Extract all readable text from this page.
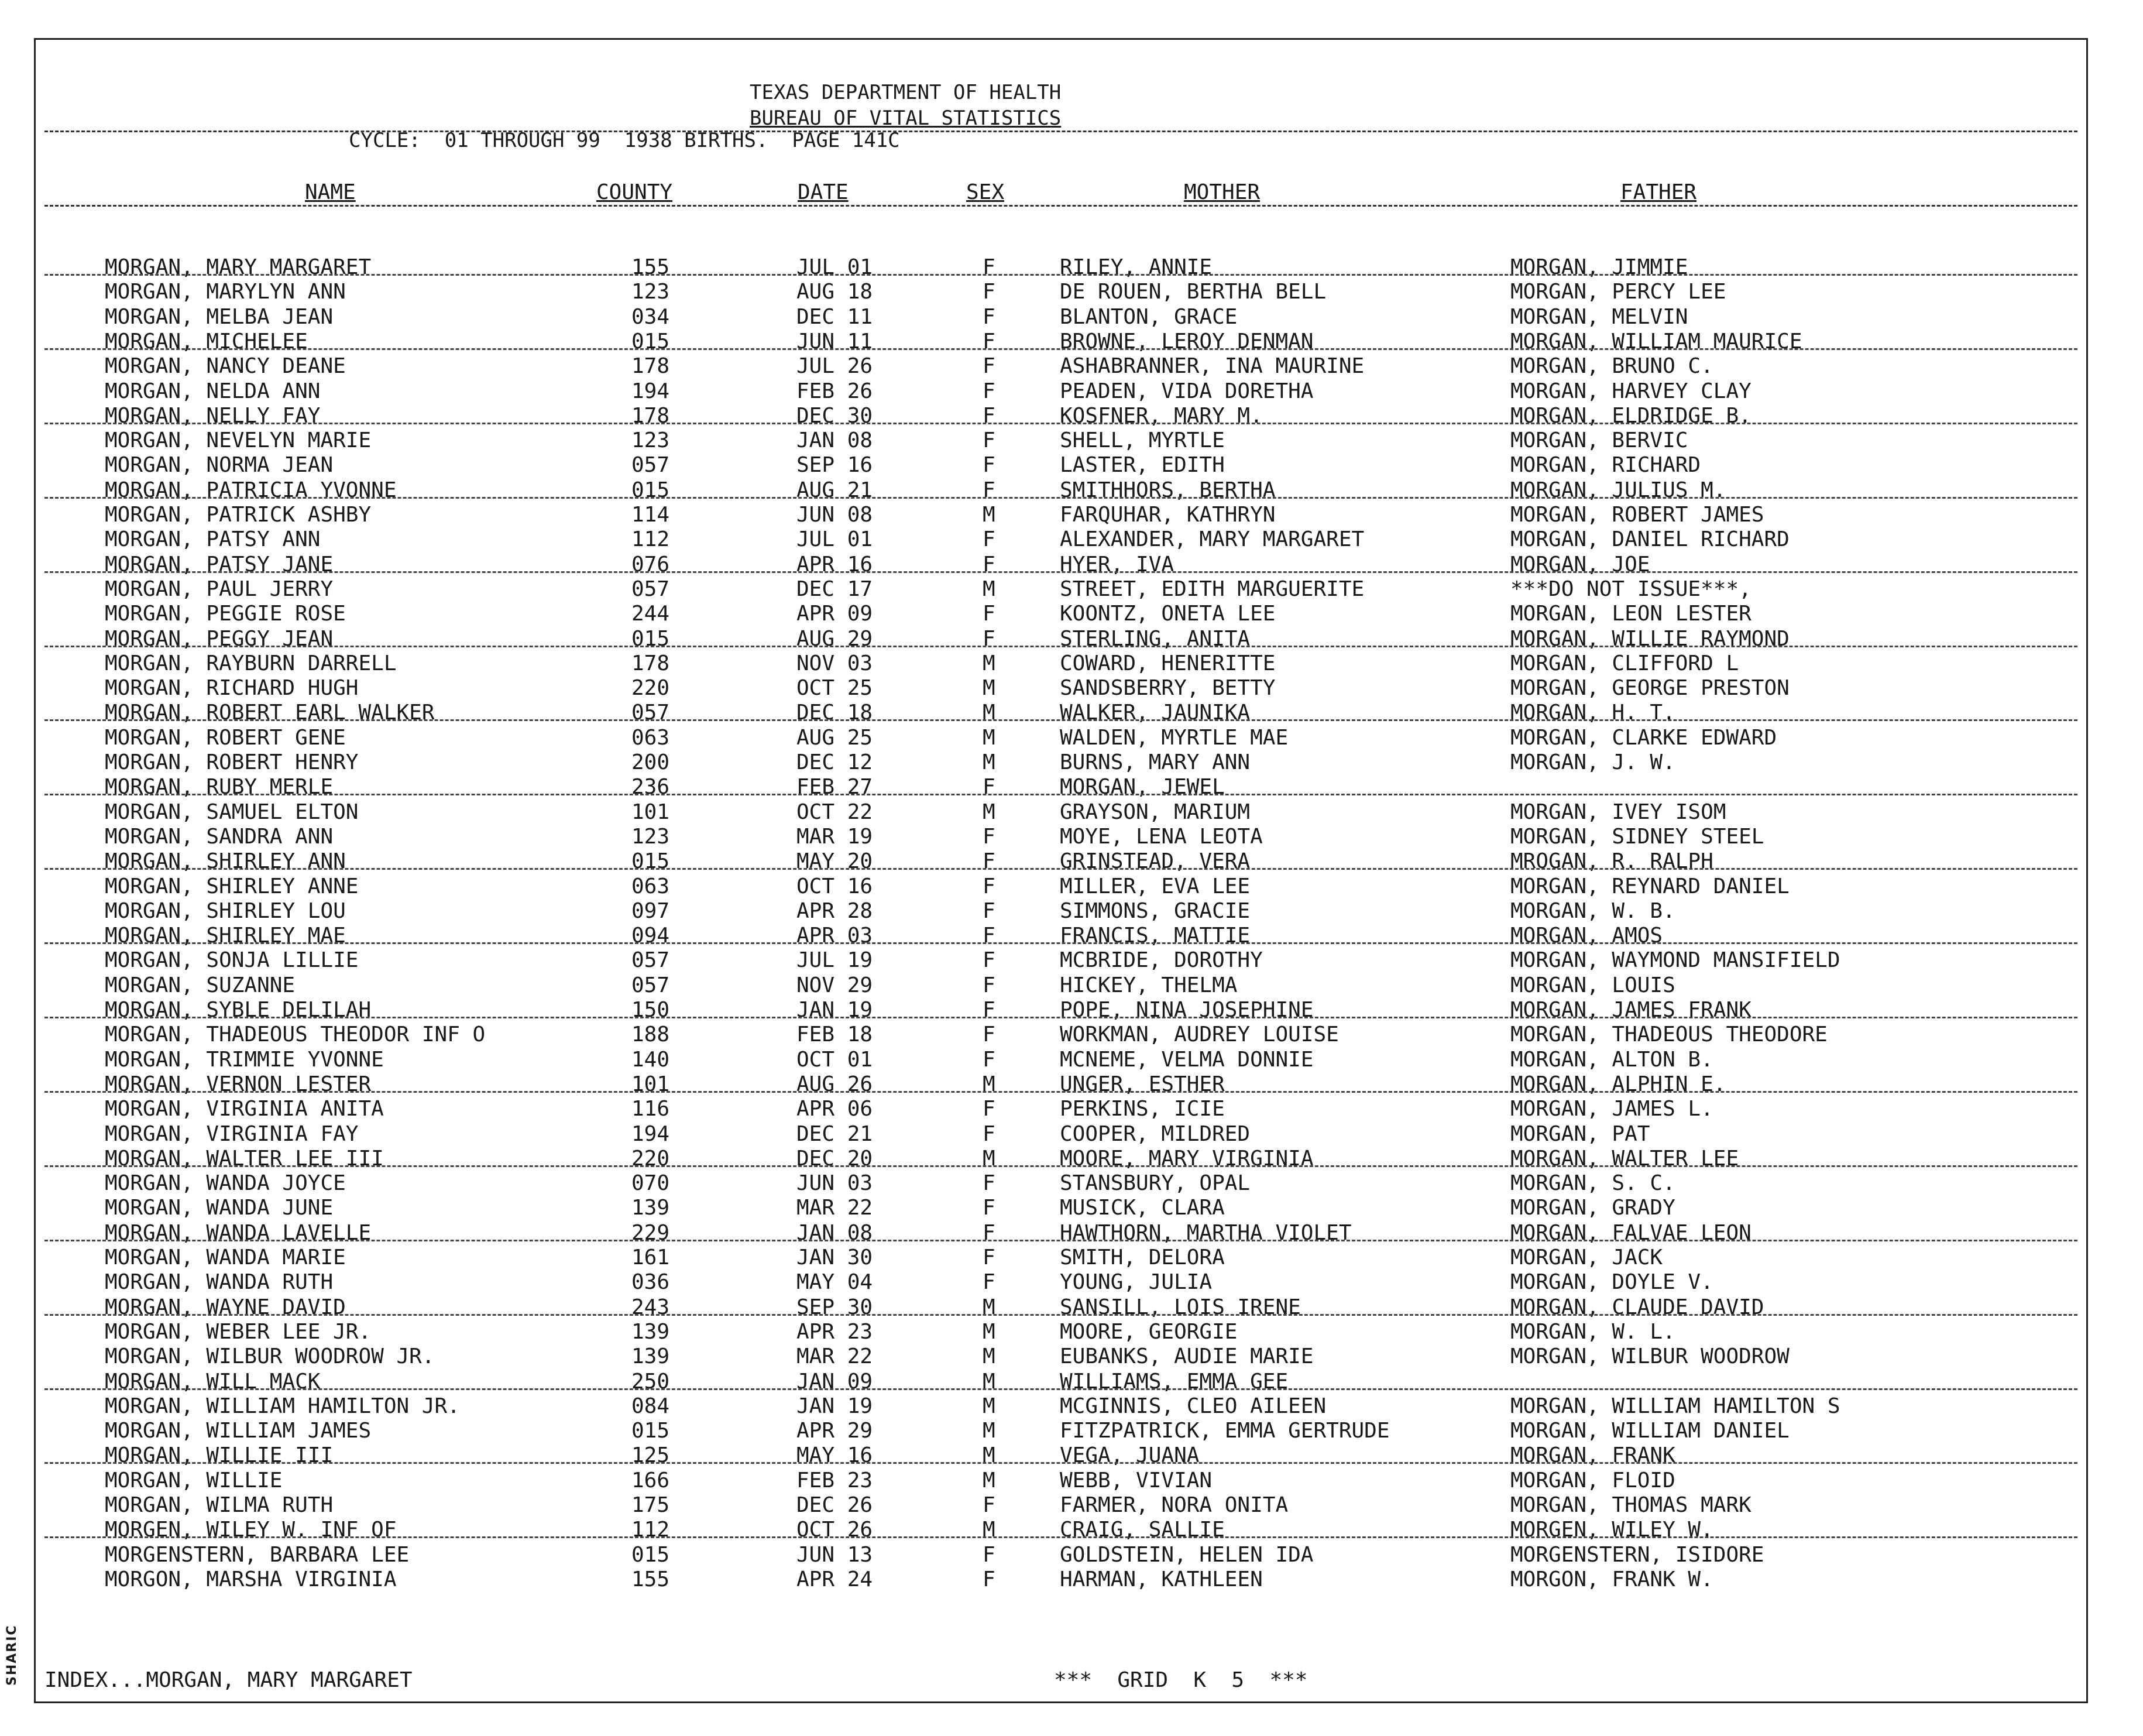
SHARIC
TEXAS DEPARTMENT OF HEALTH
BUREAU OF VITAL STATISTICS
CYCLE:  01 THROUGH 99  1938 BIRTHS.  PAGE 141C
NAME	COUNTY	DATE	SEX	MOTHER	FATHER
MORGAN, MARY MARGARET	155	JUL 01	F	RILEY, ANNIE	MORGAN, JIMMIE
MORGAN, MARYLYN ANN	123	AUG 18	F	DE ROUEN, BERTHA BELL	MORGAN, PERCY LEE
MORGAN, MELBA JEAN	034	DEC 11	F	BLANTON, GRACE	MORGAN, MELVIN
MORGAN, MICHELEE	015	JUN 11	F	BROWNE, LEROY DENMAN	MORGAN, WILLIAM MAURICE
MORGAN, NANCY DEANE	178	JUL 26	F	ASHABRANNER, INA MAURINE	MORGAN, BRUNO C.
MORGAN, NELDA ANN	194	FEB 26	F	PEADEN, VIDA DORETHA	MORGAN, HARVEY CLAY
MORGAN, NELLY FAY	178	DEC 30	F	KOSFNER, MARY M.	MORGAN, ELDRIDGE B.
MORGAN, NEVELYN MARIE	123	JAN 08	F	SHELL, MYRTLE	MORGAN, BERVIC
MORGAN, NORMA JEAN	057	SEP 16	F	LASTER, EDITH	MORGAN, RICHARD
MORGAN, PATRICIA YVONNE	015	AUG 21	F	SMITHHORS, BERTHA	MORGAN, JULIUS M.
MORGAN, PATRICK ASHBY	114	JUN 08	M	FARQUHAR, KATHRYN	MORGAN, ROBERT JAMES
MORGAN, PATSY ANN	112	JUL 01	F	ALEXANDER, MARY MARGARET	MORGAN, DANIEL RICHARD
MORGAN, PATSY JANE	076	APR 16	F	HYER, IVA	MORGAN, JOE
MORGAN, PAUL JERRY	057	DEC 17	M	STREET, EDITH MARGUERITE	***DO NOT ISSUE***,
MORGAN, PEGGIE ROSE	244	APR 09	F	KOONTZ, ONETA LEE	MORGAN, LEON LESTER
MORGAN, PEGGY JEAN	015	AUG 29	F	STERLING, ANITA	MORGAN, WILLIE RAYMOND
MORGAN, RAYBURN DARRELL	178	NOV 03	M	COWARD, HENERITTE	MORGAN, CLIFFORD L
MORGAN, RICHARD HUGH	220	OCT 25	M	SANDSBERRY, BETTY	MORGAN, GEORGE PRESTON
MORGAN, ROBERT EARL WALKER	057	DEC 18	M	WALKER, JAUNIKA	MORGAN, H. T.
MORGAN, ROBERT GENE	063	AUG 25	M	WALDEN, MYRTLE MAE	MORGAN, CLARKE EDWARD
MORGAN, ROBERT HENRY	200	DEC 12	M	BURNS, MARY ANN	MORGAN, J. W.
MORGAN, RUBY MERLE	236	FEB 27	F	MORGAN, JEWEL
MORGAN, SAMUEL ELTON	101	OCT 22	M	GRAYSON, MARIUM	MORGAN, IVEY ISOM
MORGAN, SANDRA ANN	123	MAR 19	F	MOYE, LENA LEOTA	MORGAN, SIDNEY STEEL
MORGAN, SHIRLEY ANN	015	MAY 20	F	GRINSTEAD, VERA	MROGAN, R. RALPH
MORGAN, SHIRLEY ANNE	063	OCT 16	F	MILLER, EVA LEE	MORGAN, REYNARD DANIEL
MORGAN, SHIRLEY LOU	097	APR 28	F	SIMMONS, GRACIE	MORGAN, W. B.
MORGAN, SHIRLEY MAE	094	APR 03	F	FRANCIS, MATTIE	MORGAN, AMOS
MORGAN, SONJA LILLIE	057	JUL 19	F	MCBRIDE, DOROTHY	MORGAN, WAYMOND MANSIFIELD
MORGAN, SUZANNE	057	NOV 29	F	HICKEY, THELMA	MORGAN, LOUIS
MORGAN, SYBLE DELILAH	150	JAN 19	F	POPE, NINA JOSEPHINE	MORGAN, JAMES FRANK
MORGAN, THADEOUS THEODOR INF O	188	FEB 18	F	WORKMAN, AUDREY LOUISE	MORGAN, THADEOUS THEODORE
MORGAN, TRIMMIE YVONNE	140	OCT 01	F	MCNEME, VELMA DONNIE	MORGAN, ALTON B.
MORGAN, VERNON LESTER	101	AUG 26	M	UNGER, ESTHER	MORGAN, ALPHIN E.
MORGAN, VIRGINIA ANITA	116	APR 06	F	PERKINS, ICIE	MORGAN, JAMES L.
MORGAN, VIRGINIA FAY	194	DEC 21	F	COOPER, MILDRED	MORGAN, PAT
MORGAN, WALTER LEE III	220	DEC 20	M	MOORE, MARY VIRGINIA	MORGAN, WALTER LEE
MORGAN, WANDA JOYCE	070	JUN 03	F	STANSBURY, OPAL	MORGAN, S. C.
MORGAN, WANDA JUNE	139	MAR 22	F	MUSICK, CLARA	MORGAN, GRADY
MORGAN, WANDA LAVELLE	229	JAN 08	F	HAWTHORN, MARTHA VIOLET	MORGAN, FALVAE LEON
MORGAN, WANDA MARIE	161	JAN 30	F	SMITH, DELORA	MORGAN, JACK
MORGAN, WANDA RUTH	036	MAY 04	F	YOUNG, JULIA	MORGAN, DOYLE V.
MORGAN, WAYNE DAVID	243	SEP 30	M	SANSILL, LOIS IRENE	MORGAN, CLAUDE DAVID
MORGAN, WEBER LEE JR.	139	APR 23	M	MOORE, GEORGIE	MORGAN, W. L.
MORGAN, WILBUR WOODROW JR.	139	MAR 22	M	EUBANKS, AUDIE MARIE	MORGAN, WILBUR WOODROW
MORGAN, WILL MACK	250	JAN 09	M	WILLIAMS, EMMA GEE
MORGAN, WILLIAM HAMILTON JR.	084	JAN 19	M	MCGINNIS, CLEO AILEEN	MORGAN, WILLIAM HAMILTON S
MORGAN, WILLIAM JAMES	015	APR 29	M	FITZPATRICK, EMMA GERTRUDE	MORGAN, WILLIAM DANIEL
MORGAN, WILLIE III	125	MAY 16	M	VEGA, JUANA	MORGAN, FRANK
MORGAN, WILLIE	166	FEB 23	M	WEBB, VIVIAN	MORGAN, FLOID
MORGAN, WILMA RUTH	175	DEC 26	F	FARMER, NORA ONITA	MORGAN, THOMAS MARK
MORGEN, WILEY W. INF OF	112	OCT 26	M	CRAIG, SALLIE	MORGEN, WILEY W.
MORGENSTERN, BARBARA LEE	015	JUN 13	F	GOLDSTEIN, HELEN IDA	MORGENSTERN, ISIDORE
MORGON, MARSHA VIRGINIA	155	APR 24	F	HARMAN, KATHLEEN	MORGON, FRANK W.
INDEX...MORGAN, MARY MARGARET	***  GRID  K  5  ***
